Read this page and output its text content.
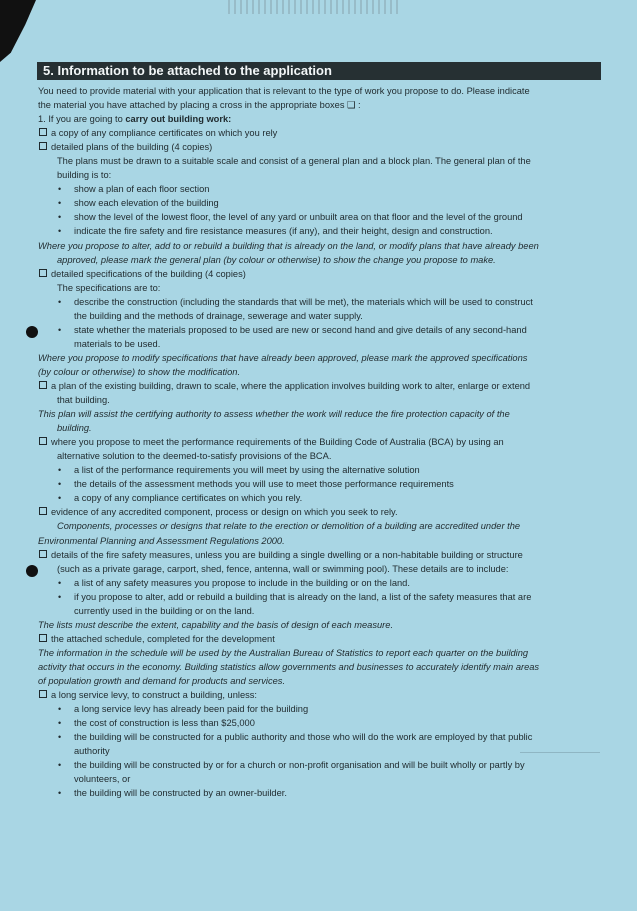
5. Information to be attached to the application
You need to provide material with your application that is relevant to the type of work you propose to do. Please indicate
the material you have attached by placing a cross in the appropriate boxes ❑ :
1. If you are going to carry out building work:
a copy of any compliance certificates on which you rely
detailed plans of the building (4 copies)
The plans must be drawn to a suitable scale and consist of a general plan and a block plan. The general plan of the
building is to:
• show a plan of each floor section
• show each elevation of the building
• show the level of the lowest floor, the level of any yard or unbuilt area on that floor and the level of the ground
• indicate the fire safety and fire resistance measures (if any), and their height, design and construction.
Where you propose to alter, add to or rebuild a building that is already on the land, or modify plans that have already been
approved, please mark the general plan (by colour or otherwise) to show the change you propose to make.
detailed specifications of the building (4 copies)
The specifications are to:
• describe the construction (including the standards that will be met), the materials which will be used to construct
the building and the methods of drainage, sewerage and water supply.
• state whether the materials proposed to be used are new or second hand and give details of any second-hand
materials to be used.
Where you propose to modify specifications that have already been approved, please mark the approved specifications
(by colour or otherwise) to show the modification.
a plan of the existing building, drawn to scale, where the application involves building work to alter, enlarge or extend
that building.
This plan will assist the certifying authority to assess whether the work will reduce the fire protection capacity of the
building.
where you propose to meet the performance requirements of the Building Code of Australia (BCA) by using an
alternative solution to the deemed-to-satisfy provisions of the BCA.
• a list of the performance requirements you will meet by using the alternative solution
• the details of the assessment methods you will use to meet those performance requirements
• a copy of any compliance certificates on which you rely.
evidence of any accredited component, process or design on which you seek to rely.
Components, processes or designs that relate to the erection or demolition of a building are accredited under the
Environmental Planning and Assessment Regulations 2000.
details of the fire safety measures, unless you are building a single dwelling or a non-habitable building or structure
(such as a private garage, carport, shed, fence, antenna, wall or swimming pool). These details are to include:
• a list of any safety measures you propose to include in the building or on the land.
• if you propose to alter, add or rebuild a building that is already on the land, a list of the safety measures that are
currently used in the building or on the land.
The lists must describe the extent, capability and the basis of design of each measure.
the attached schedule, completed for the development
The information in the schedule will be used by the Australian Bureau of Statistics to report each quarter on the building
activity that occurs in the economy. Building statistics allow governments and businesses to accurately identify main areas
of population growth and demand for products and services.
a long service levy, to construct a building, unless:
• a long service levy has already been paid for the building
• the cost of construction is less than $25,000
• the building will be constructed for a public authority and those who will do the work are employed by that public
authority
• the building will be constructed by or for a church or non-profit organisation and will be built wholly or partly by
volunteers, or
• the building will be constructed by an owner-builder.
